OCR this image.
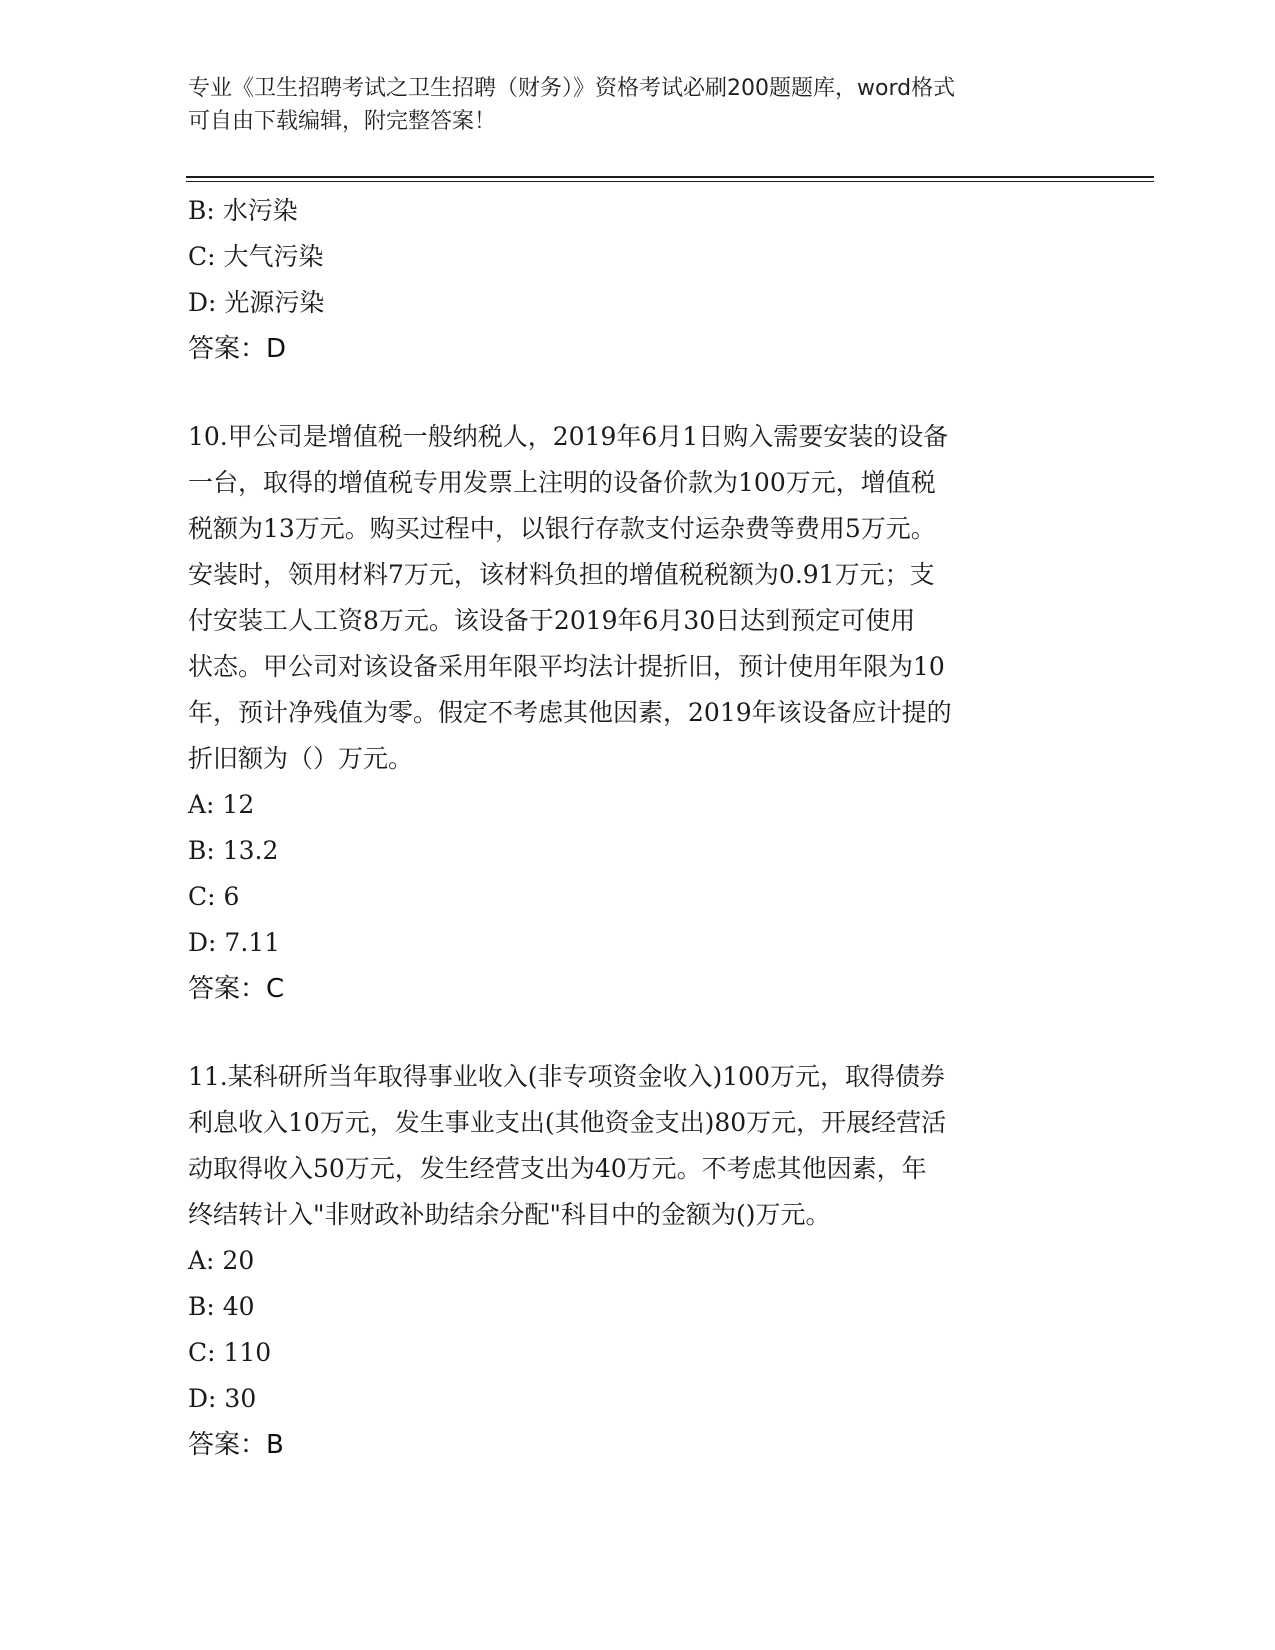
专业《卫生招聘考试之卫生招聘（财务）》资格考试必刷200题题库，word格式
可自由下载编辑，附完整答案！
B: 水污染
C: 大气污染
D: 光源污染
答案：D
10.甲公司是增值税一般纳税人，2019年6月1日购入需要安装的设备
一台，取得的增值税专用发票上注明的设备价款为100万元，增值税
税额为13万元。购买过程中，以银行存款支付运杂费等费用5万元。
安装时，领用材料7万元，该材料负担的增值税税额为0.91万元；支
付安装工人工资8万元。该设备于2019年6月30日达到预定可使用
状态。甲公司对该设备采用年限平均法计提折旧，预计使用年限为10
年，预计净残值为零。假定不考虑其他因素，2019年该设备应计提的
折旧额为（）万元。
A: 12
B: 13.2
C: 6
D: 7.11
答案：C
11.某科研所当年取得事业收入(非专项资金收入)100万元，取得债券
利息收入10万元，发生事业支出(其他资金支出)80万元，开展经营活
动取得收入50万元，发生经营支出为40万元。不考虑其他因素，年
终结转计入"非财政补助结余分配"科目中的金额为()万元。
A: 20
B: 40
C: 110
D: 30
答案：B
